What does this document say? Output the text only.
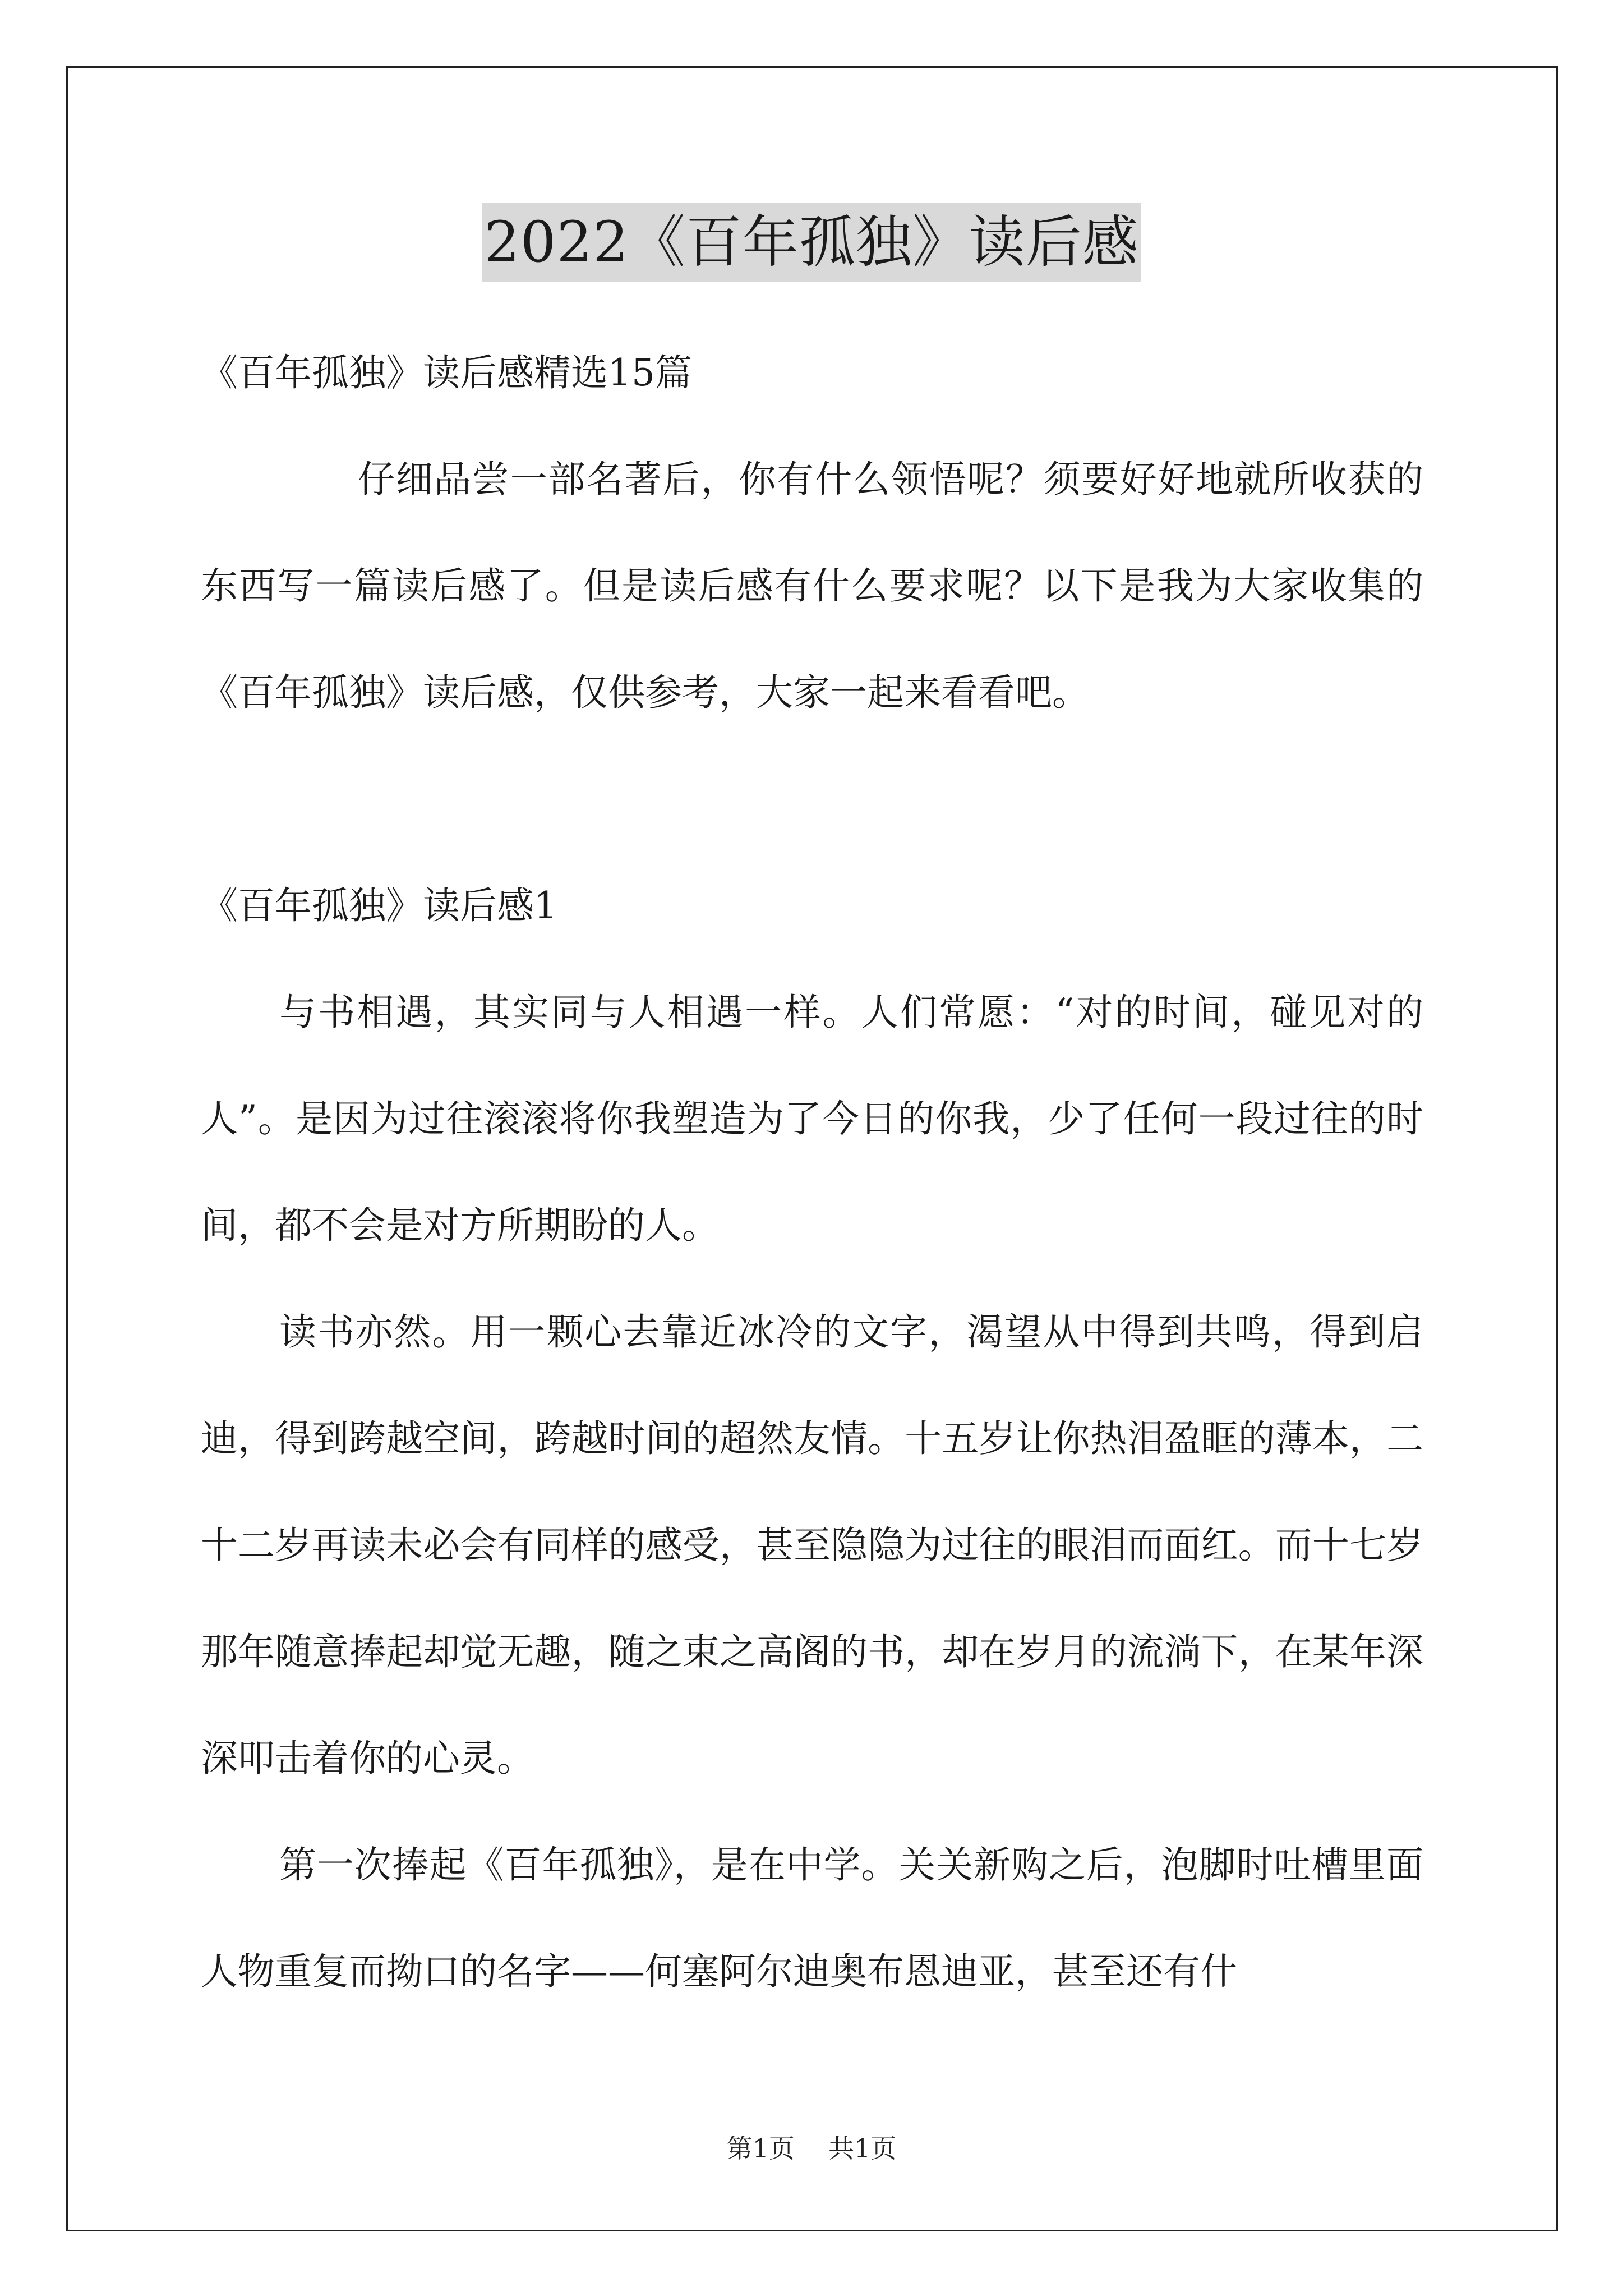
2022《百年孤独》读后感
《百年孤独》读后感精选15篇

仔细品尝一部名著后，你有什么领悟呢？须要好好地就所收获的东西写一篇读后感了。但是读后感有什么要求呢？以下是我为大家收集的《百年孤独》读后感，仅供参考，大家一起来看看吧。

《百年孤独》读后感1

与书相遇，其实同与人相遇一样。人们常愿：“对的时间，碰见对的人”。是因为过往滚滚将你我塑造为了今日的你我，少了任何一段过往的时间，都不会是对方所期盼的人。

读书亦然。用一颗心去靠近冰冷的文字，渴望从中得到共鸣，得到启迪，得到跨越空间，跨越时间的超然友情。十五岁让你热泪盈眶的薄本，二十二岁再读未必会有同样的感受，甚至隐隐为过往的眼泪而面红。而十七岁那年随意捧起却觉无趣，随之束之高阁的书，却在岁月的流淌下，在某年深深叩击着你的心灵。

第一次捧起《百年孤独》，是在中学。关关新购之后，泡脚时吐槽里面人物重复而拗口的名字——何塞阿尔迪奥布恩迪亚，甚至还有什

第1页 共1页
